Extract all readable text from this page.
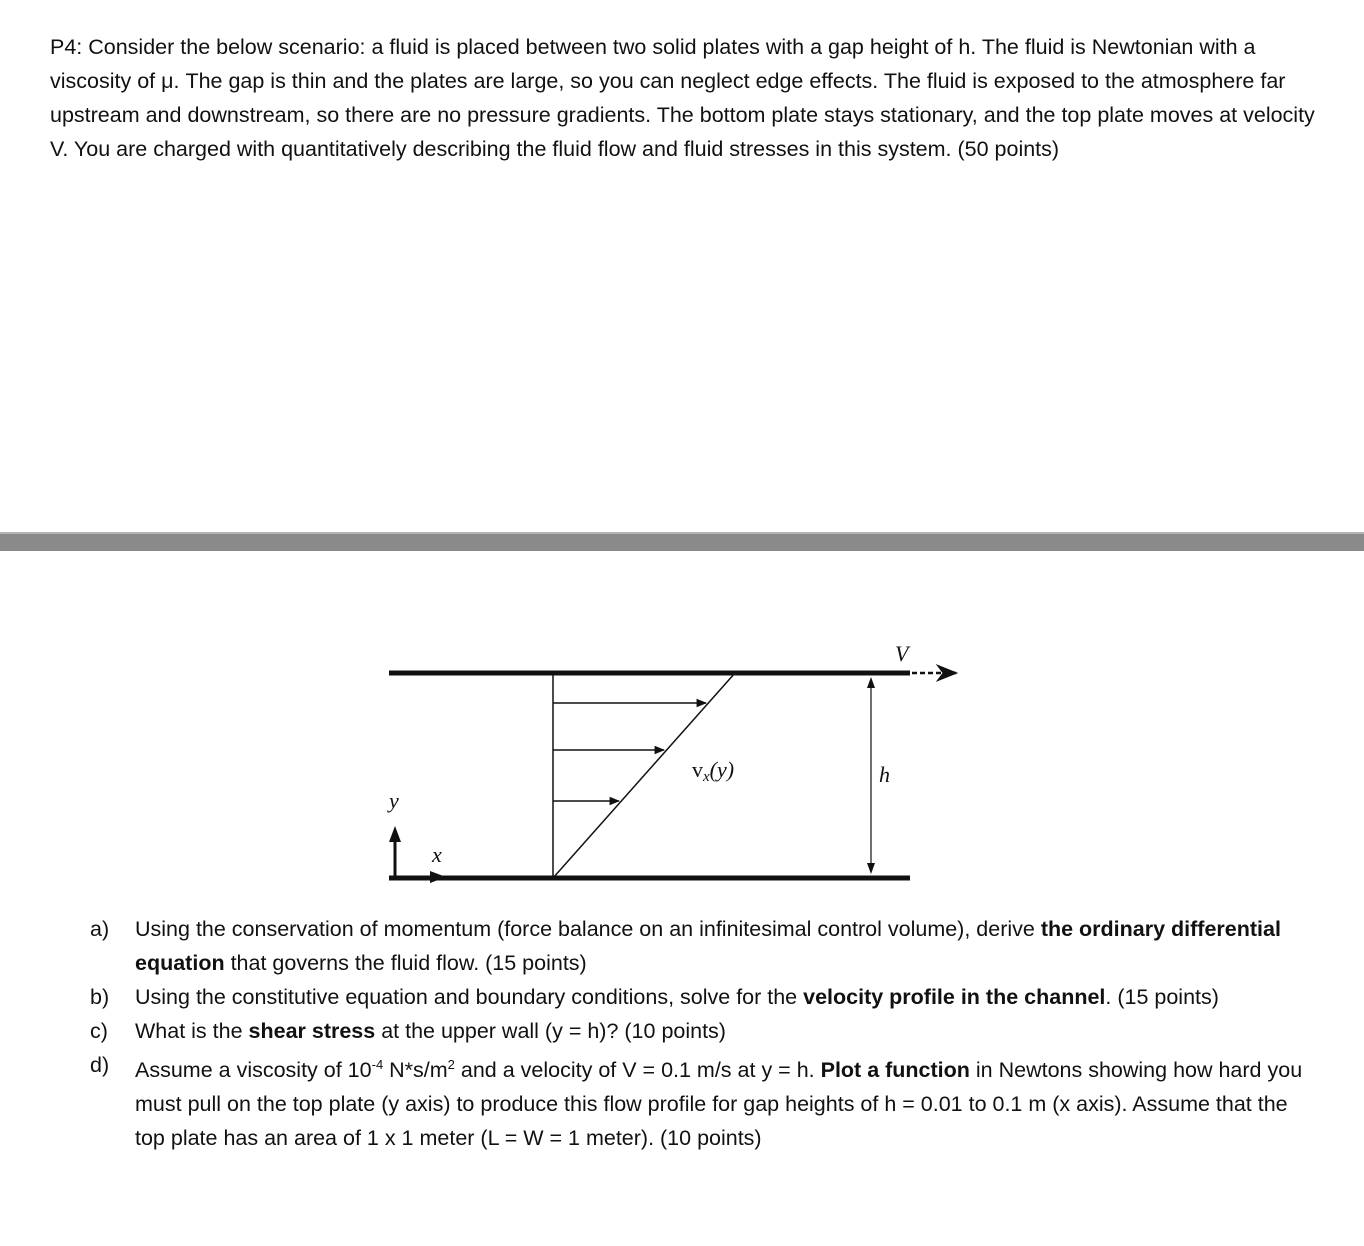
P4: Consider the below scenario: a fluid is placed between two solid plates with a gap height of h. The fluid is Newtonian with a viscosity of μ. The gap is thin and the plates are large, so you can neglect edge effects. The fluid is exposed to the atmosphere far upstream and downstream, so there are no pressure gradients. The bottom plate stays stationary, and the top plate moves at velocity V. You are charged with quantitatively describing the fluid flow and fluid stresses in this system. (50 points)

V
vx(y)	h
y
x
a) Using the conservation of momentum (force balance on an infinitesimal control volume), derive the ordinary differential equation that governs the fluid flow. (15 points)
b) Using the constitutive equation and boundary conditions, solve for the velocity profile in the channel. (15 points)
c) What is the shear stress at the upper wall (y = h)? (10 points)
d) Assume a viscosity of $10^{-4}$ $N*s/m^2$ and a velocity of V = 0.1 m/s at y = h. Plot a function in Newtons showing how hard you must pull on the top plate (y axis) to produce this flow profile for gap heights of h = 0.01 to 0.1 m (x axis). Assume that the top plate has an area of 1 x 1 meter (L = W = 1 meter). (10 points)
